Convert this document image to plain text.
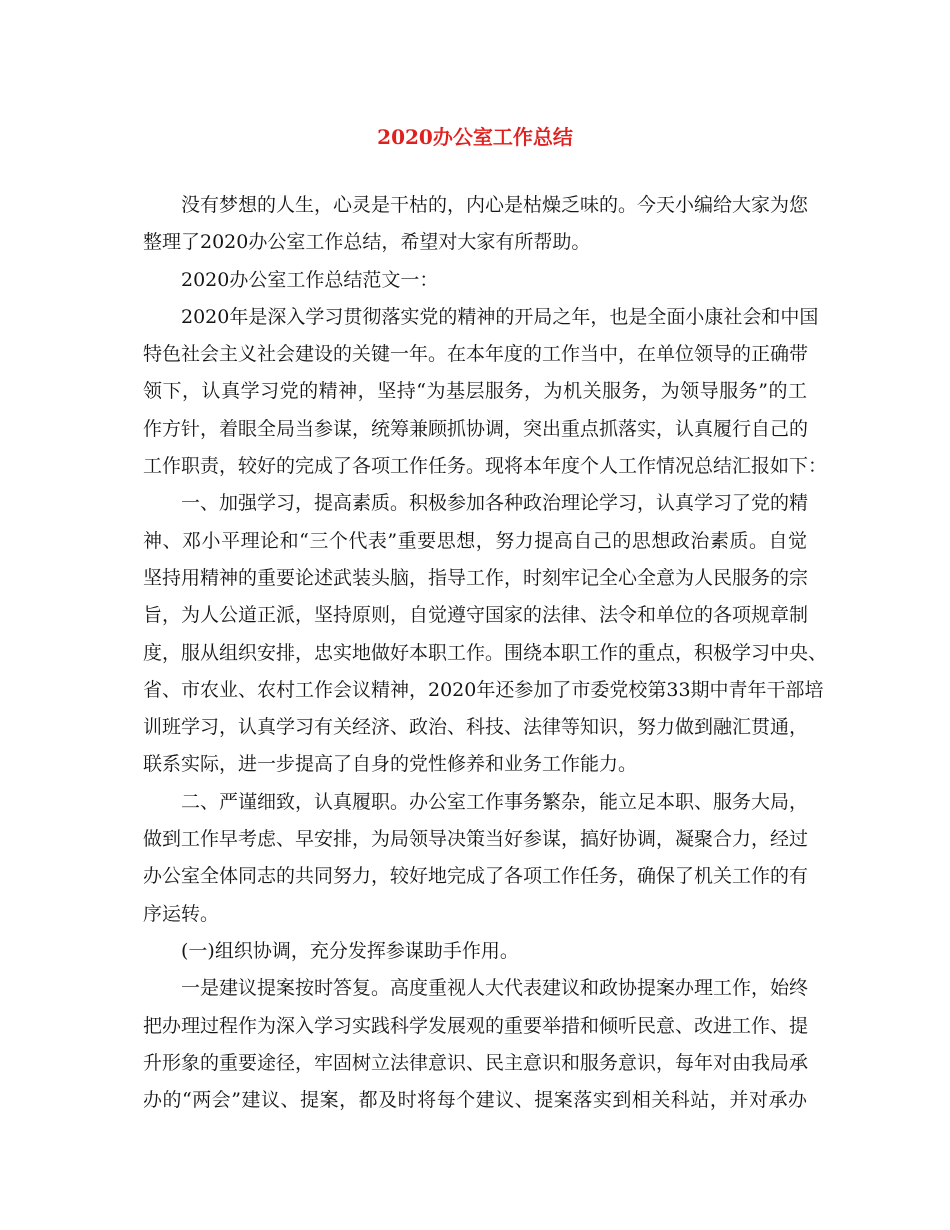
2020办公室工作总结
没有梦想的人生，心灵是干枯的，内心是枯燥乏味的。今天小编给大家为您
整理了2020办公室工作总结，希望对大家有所帮助。
2020办公室工作总结范文一：
2020年是深入学习贯彻落实党的精神的开局之年，也是全面小康社会和中国
特色社会主义社会建设的关键一年。在本年度的工作当中，在单位领导的正确带
领下，认真学习党的精神，坚持“为基层服务，为机关服务，为领导服务”的工
作方针，着眼全局当参谋，统筹兼顾抓协调，突出重点抓落实，认真履行自己的
工作职责，较好的完成了各项工作任务。现将本年度个人工作情况总结汇报如下：
一、加强学习，提高素质。积极参加各种政治理论学习，认真学习了党的精
神、邓小平理论和“三个代表”重要思想，努力提高自己的思想政治素质。自觉
坚持用精神的重要论述武装头脑，指导工作，时刻牢记全心全意为人民服务的宗
旨，为人公道正派，坚持原则，自觉遵守国家的法律、法令和单位的各项规章制
度，服从组织安排，忠实地做好本职工作。围绕本职工作的重点，积极学习中央、
省、市农业、农村工作会议精神，2020年还参加了市委党校第33期中青年干部培
训班学习，认真学习有关经济、政治、科技、法律等知识，努力做到融汇贯通，
联系实际，进一步提高了自身的党性修养和业务工作能力。
二、严谨细致，认真履职。办公室工作事务繁杂，能立足本职、服务大局，
做到工作早考虑、早安排，为局领导决策当好参谋，搞好协调，凝聚合力，经过
办公室全体同志的共同努力，较好地完成了各项工作任务，确保了机关工作的有
序运转。
(一)组织协调，充分发挥参谋助手作用。
一是建议提案按时答复。高度重视人大代表建议和政协提案办理工作，始终
把办理过程作为深入学习实践科学发展观的重要举措和倾听民意、改进工作、提
升形象的重要途径，牢固树立法律意识、民主意识和服务意识，每年对由我局承
办的“两会”建议、提案，都及时将每个建议、提案落实到相关科站，并对承办
